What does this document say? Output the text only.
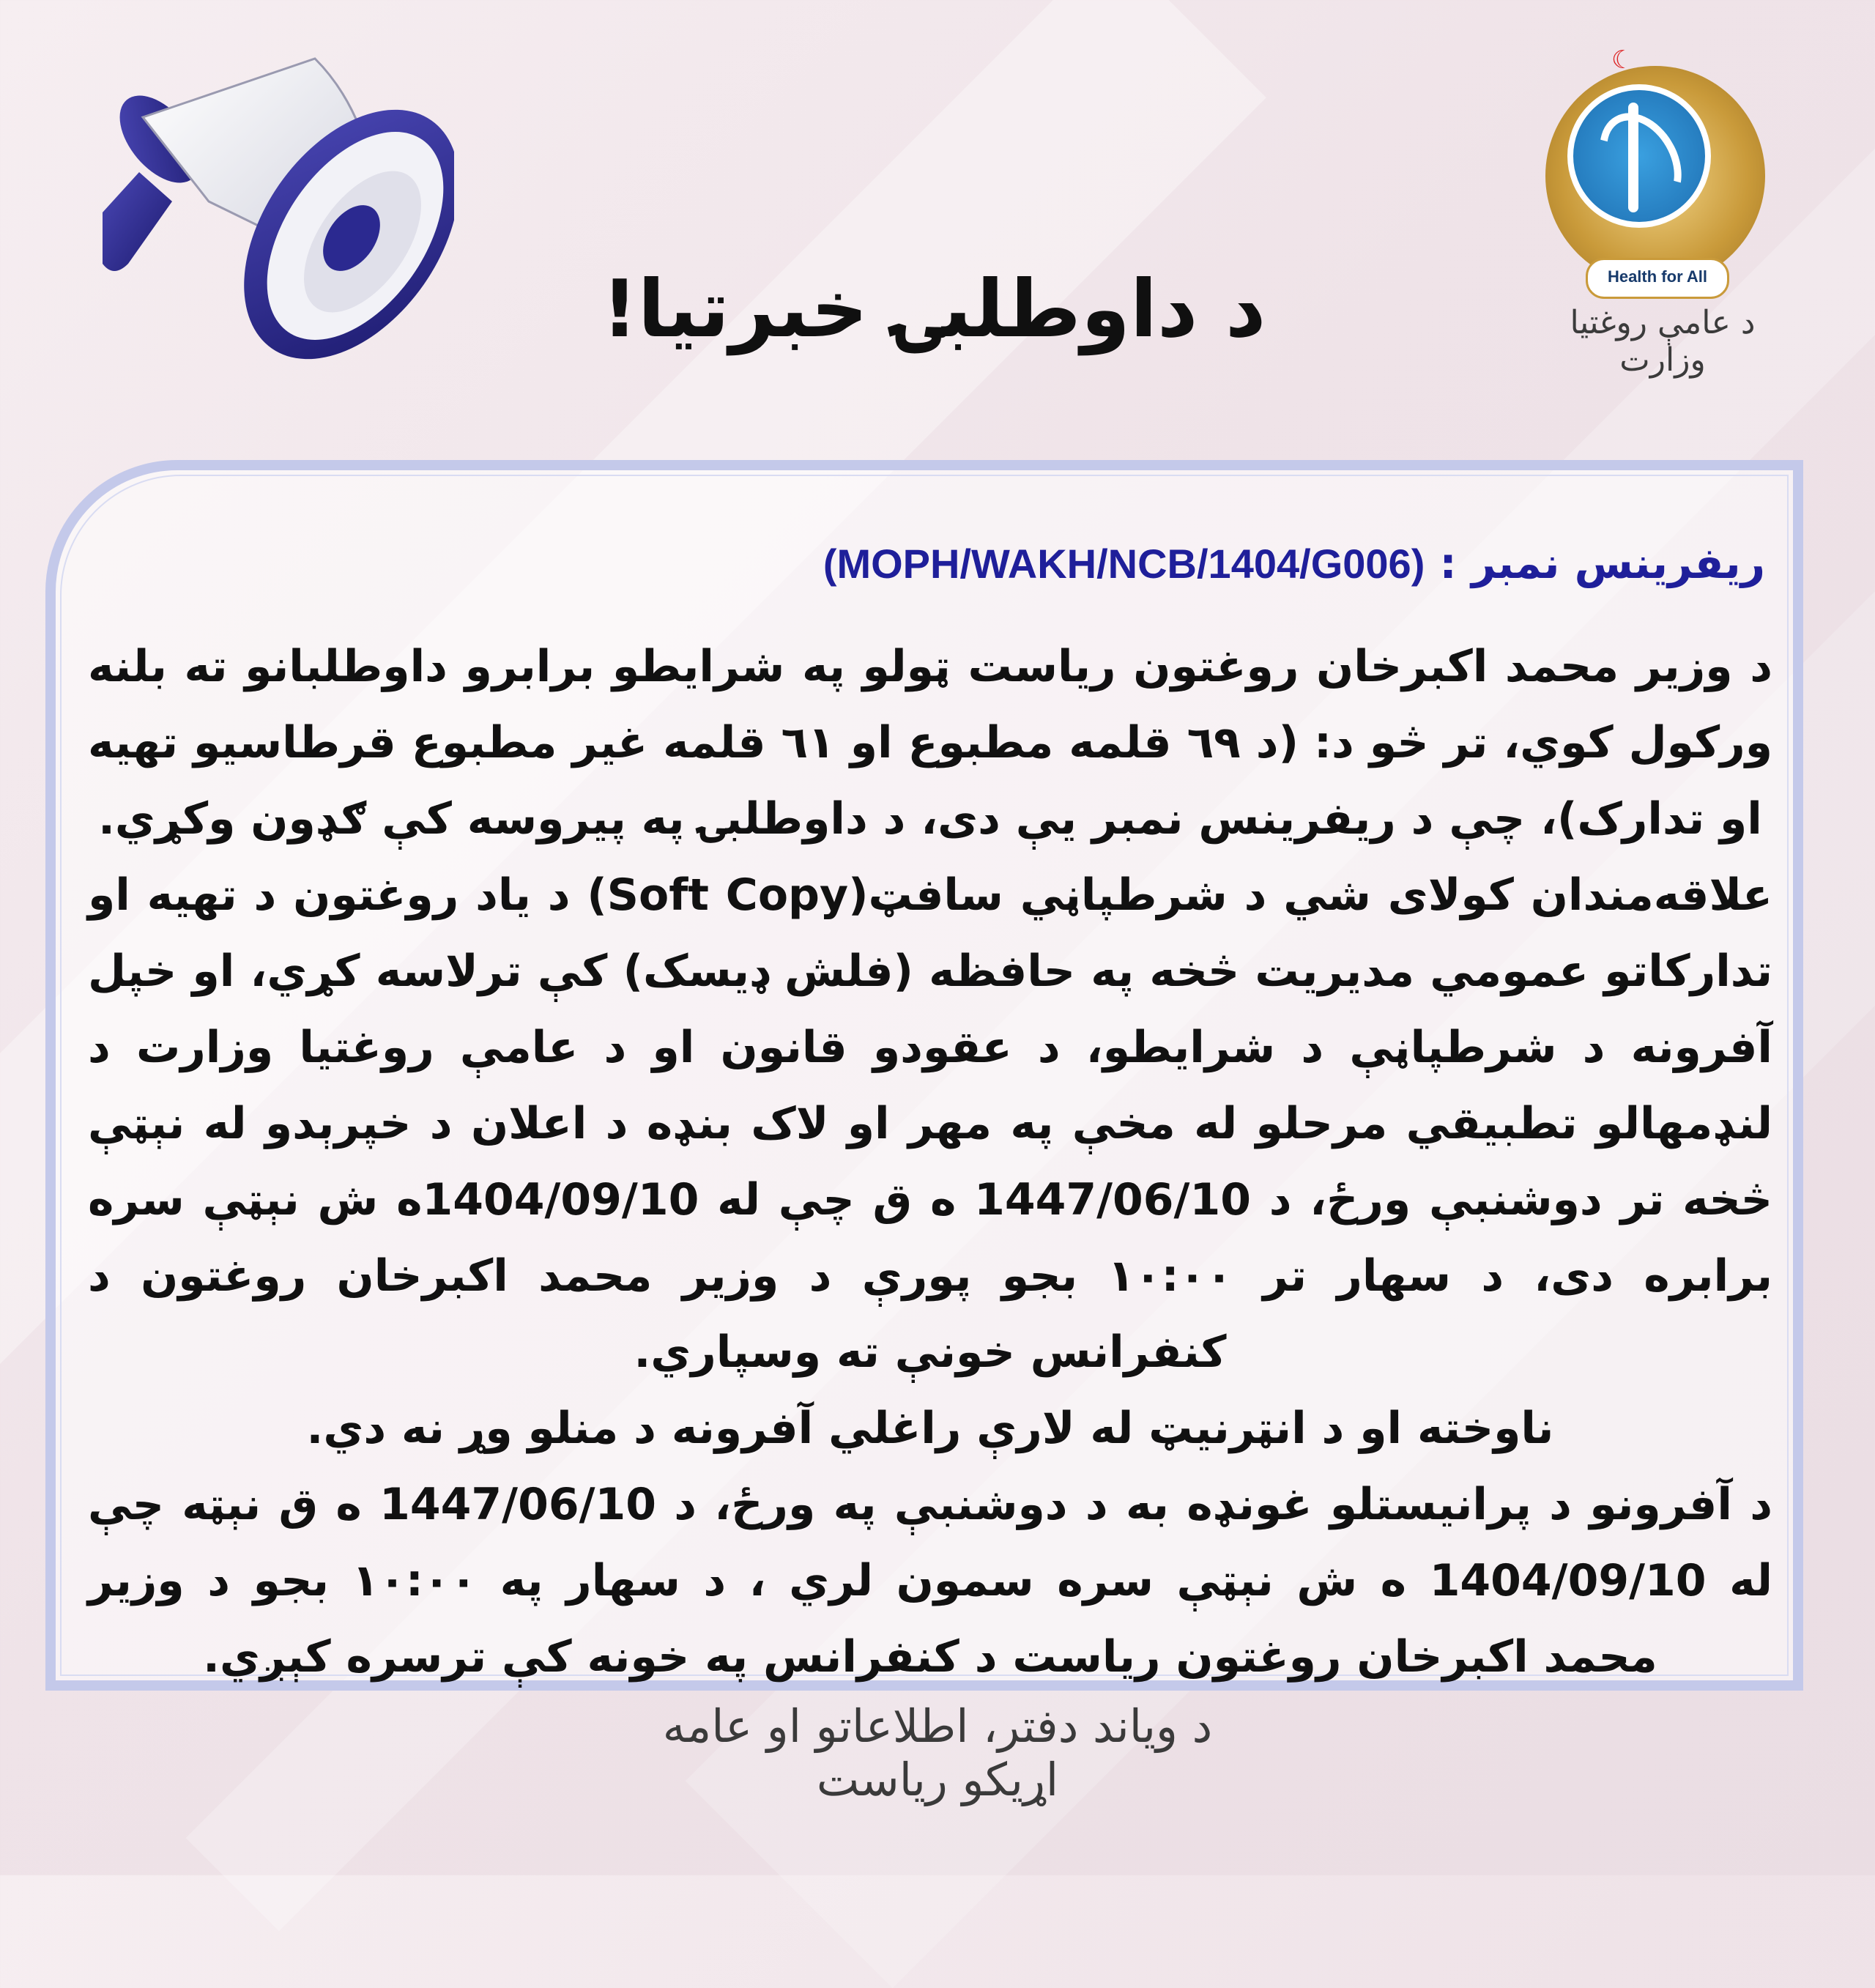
☾
Health for All
د عامې روغتیا وزارت
د داوطلبۍ خبرتیا!
ریفرینس نمبر : (MOPH/WAKH/NCB/1404/G006)

د وزیر محمد اکبرخان روغتون ریاست ټولو په شرایطو برابرو داوطلبانو ته بلنه ورکول کوي، تر څو د: (د ٦٩ قلمه مطبوع او ٦١ قلمه غیر مطبوع قرطاسیو تهیه او تدارک)، چې د ریفرینس نمبر یې دی، د داوطلبۍ په پیروسه کې ګډون وکړي.

علاقه‌مندان کولای شي د شرطپاڼي سافټ(Soft Copy) د یاد روغتون د تهیه او تدارکاتو عمومي مدیریت څخه په حافظه (فلش ډیسک) کې ترلاسه کړي، او خپل آفرونه د شرطپاڼې د شرایطو، د عقودو قانون او د عامې روغتیا وزارت د لنډمهالو تطبیقي مرحلو له مخې په مهر او لاک بنډه د اعلان د خپرېدو له نېټې څخه تر دوشنبې ورځ، د 1447/06/10 ه ق چې له 1404/09/10ه ش نېټې سره برابره دی، د سهار تر ۱۰:۰۰ بجو پورې د وزیر محمد اکبرخان روغتون د کنفرانس خونې ته وسپاري.

ناوخته او د انټرنیټ له لارې راغلي آفرونه د منلو وړ نه دي.

د آفرونو د پرانیستلو غونډه به د دوشنبې په ورځ، د 1447/06/10 ه ق نېټه چې له 1404/09/10 ه ش نېټې سره سمون لري ، د سهار په ۱۰:۰۰ بجو د وزیر محمد اکبرخان روغتون ریاست د کنفرانس په خونه کې ترسره کېږي.

د ویاند دفتر، اطلاعاتو او عامه اړیکو ریاست
